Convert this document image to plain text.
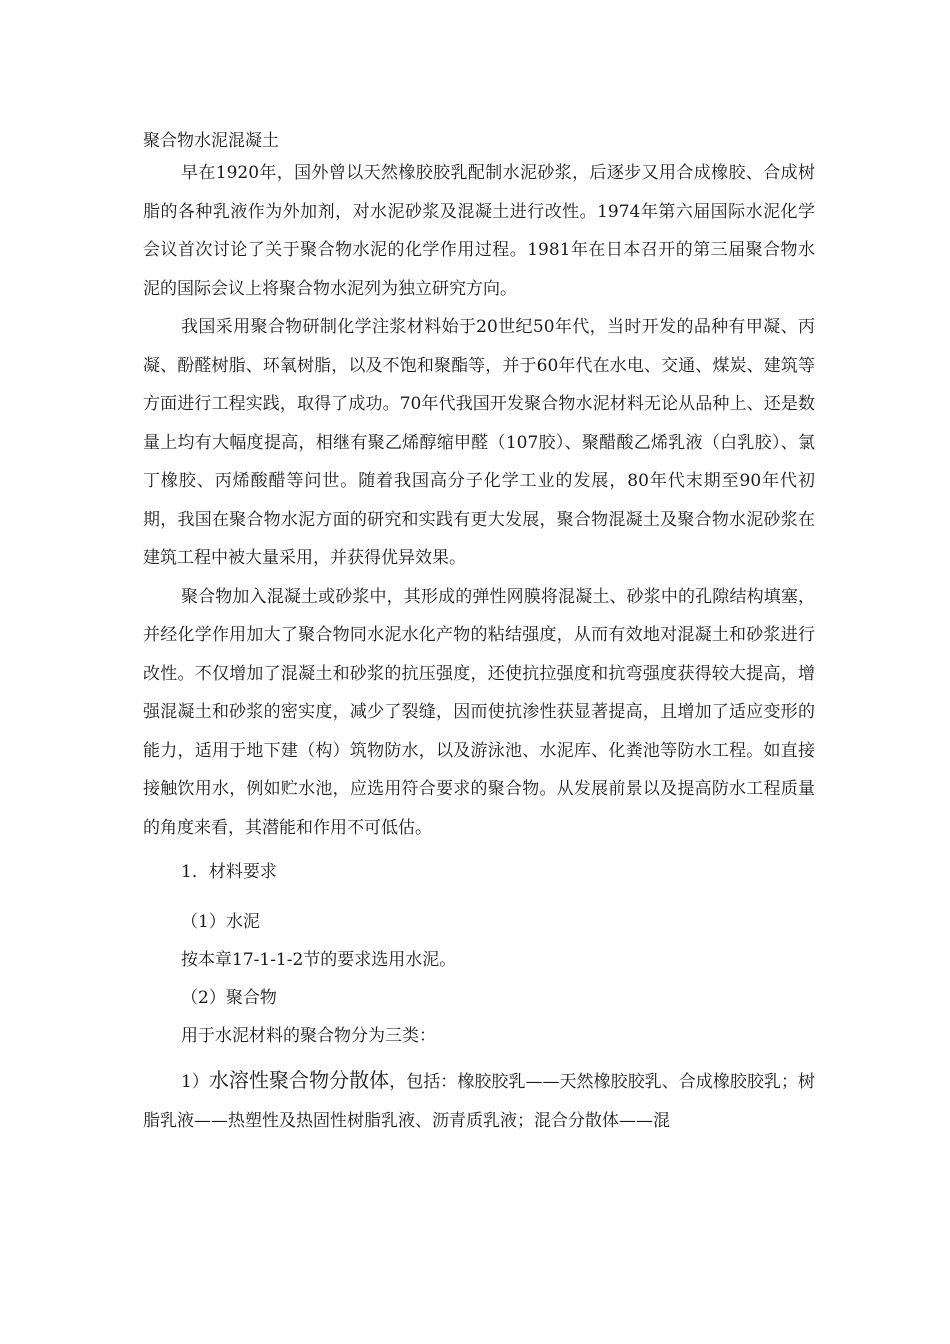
聚合物水泥混凝土

早在1920年，国外曾以天然橡胶胶乳配制水泥砂浆，后逐步又用合成橡胶、合成树脂的各种乳液作为外加剂，对水泥砂浆及混凝土进行改性。1974年第六届国际水泥化学会议首次讨论了关于聚合物水泥的化学作用过程。1981年在日本召开的第三届聚合物水泥的国际会议上将聚合物水泥列为独立研究方向。

我国采用聚合物研制化学注浆材料始于20世纪50年代，当时开发的品种有甲凝、丙凝、酚醛树脂、环氧树脂，以及不饱和聚酯等，并于60年代在水电、交通、煤炭、建筑等方面进行工程实践，取得了成功。70年代我国开发聚合物水泥材料无论从品种上、还是数量上均有大幅度提高，相继有聚乙烯醇缩甲醛（107胶）、聚醋酸乙烯乳液（白乳胶）、氯丁橡胶、丙烯酸醋等问世。随着我国高分子化学工业的发展，80年代末期至90年代初期，我国在聚合物水泥方面的研究和实践有更大发展，聚合物混凝土及聚合物水泥砂浆在建筑工程中被大量采用，并获得优异效果。

聚合物加入混凝土或砂浆中，其形成的弹性网膜将混凝土、砂浆中的孔隙结构填塞，并经化学作用加大了聚合物同水泥水化产物的粘结强度，从而有效地对混凝土和砂浆进行改性。不仅增加了混凝土和砂浆的抗压强度，还使抗拉强度和抗弯强度获得较大提高，增强混凝土和砂浆的密实度，减少了裂缝，因而使抗渗性获显著提高，且增加了适应变形的能力，适用于地下建（构）筑物防水，以及游泳池、水泥库、化粪池等防水工程。如直接接触饮用水，例如贮水池，应选用符合要求的聚合物。从发展前景以及提高防水工程质量的角度来看，其潜能和作用不可低估。

1．材料要求
（1）水泥
按本章17-1-1-2节的要求选用水泥。
（2）聚合物
用于水泥材料的聚合物分为三类：

1）水溶性聚合物分散体，包括：橡胶胶乳——天然橡胶胶乳、合成橡胶胶乳；树脂乳液——热塑性及热固性树脂乳液、沥青质乳液；混合分散体——混
